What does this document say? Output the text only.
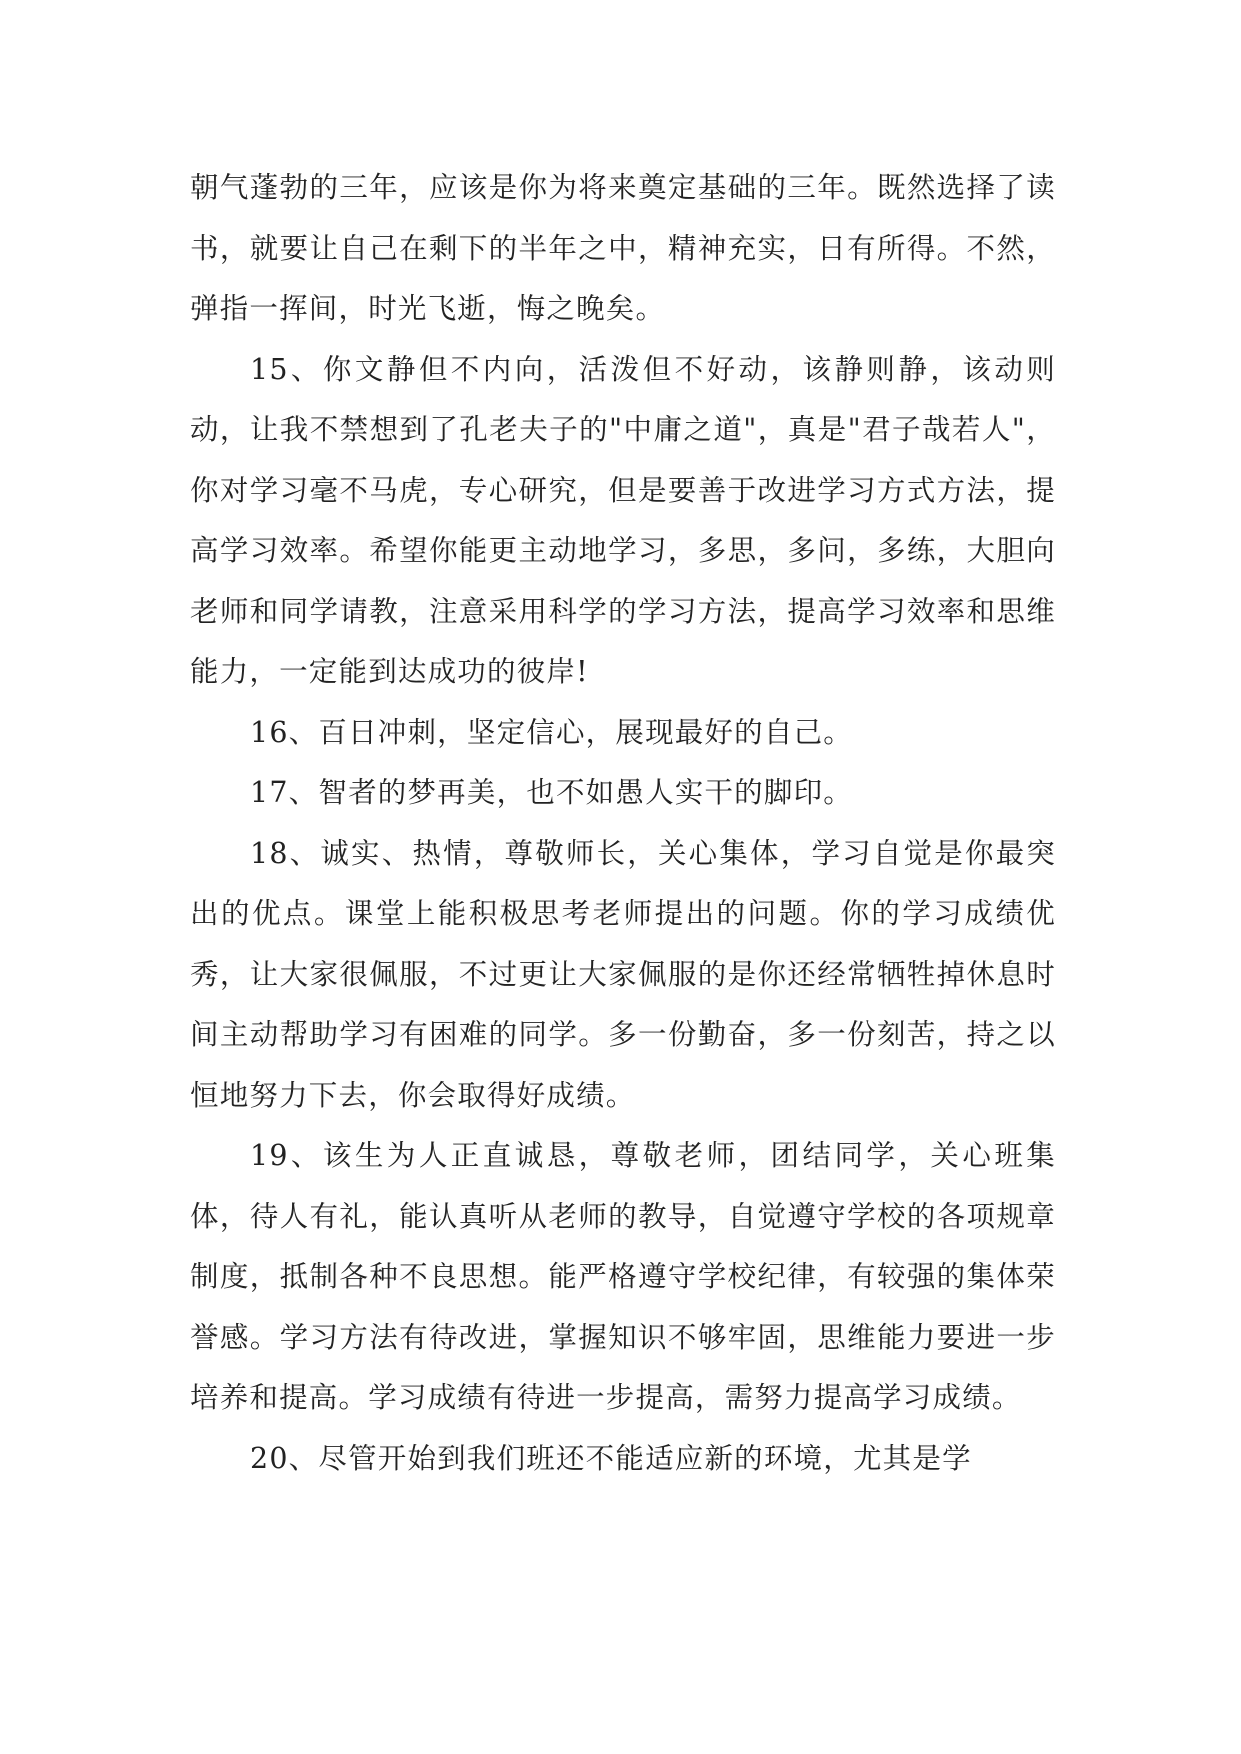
朝气蓬勃的三年，应该是你为将来奠定基础的三年。既然选择了读书，就要让自己在剩下的半年之中，精神充实，日有所得。不然，弹指一挥间，时光飞逝，悔之晚矣。

15、你文静但不内向，活泼但不好动，该静则静，该动则动，让我不禁想到了孔老夫子的"中庸之道"，真是"君子哉若人"，你对学习毫不马虎，专心研究，但是要善于改进学习方式方法，提高学习效率。希望你能更主动地学习，多思，多问，多练，大胆向老师和同学请教，注意采用科学的学习方法，提高学习效率和思维能力，一定能到达成功的彼岸!

16、百日冲刺，坚定信心，展现最好的自己。

17、智者的梦再美，也不如愚人实干的脚印。

18、诚实、热情，尊敬师长，关心集体，学习自觉是你最突出的优点。课堂上能积极思考老师提出的问题。你的学习成绩优秀，让大家很佩服，不过更让大家佩服的是你还经常牺牲掉休息时间主动帮助学习有困难的同学。多一份勤奋，多一份刻苦，持之以恒地努力下去，你会取得好成绩。

19、该生为人正直诚恳，尊敬老师，团结同学，关心班集体，待人有礼，能认真听从老师的教导，自觉遵守学校的各项规章制度，抵制各种不良思想。能严格遵守学校纪律，有较强的集体荣誉感。学习方法有待改进，掌握知识不够牢固，思维能力要进一步培养和提高。学习成绩有待进一步提高，需努力提高学习成绩。

20、尽管开始到我们班还不能适应新的环境，尤其是学
